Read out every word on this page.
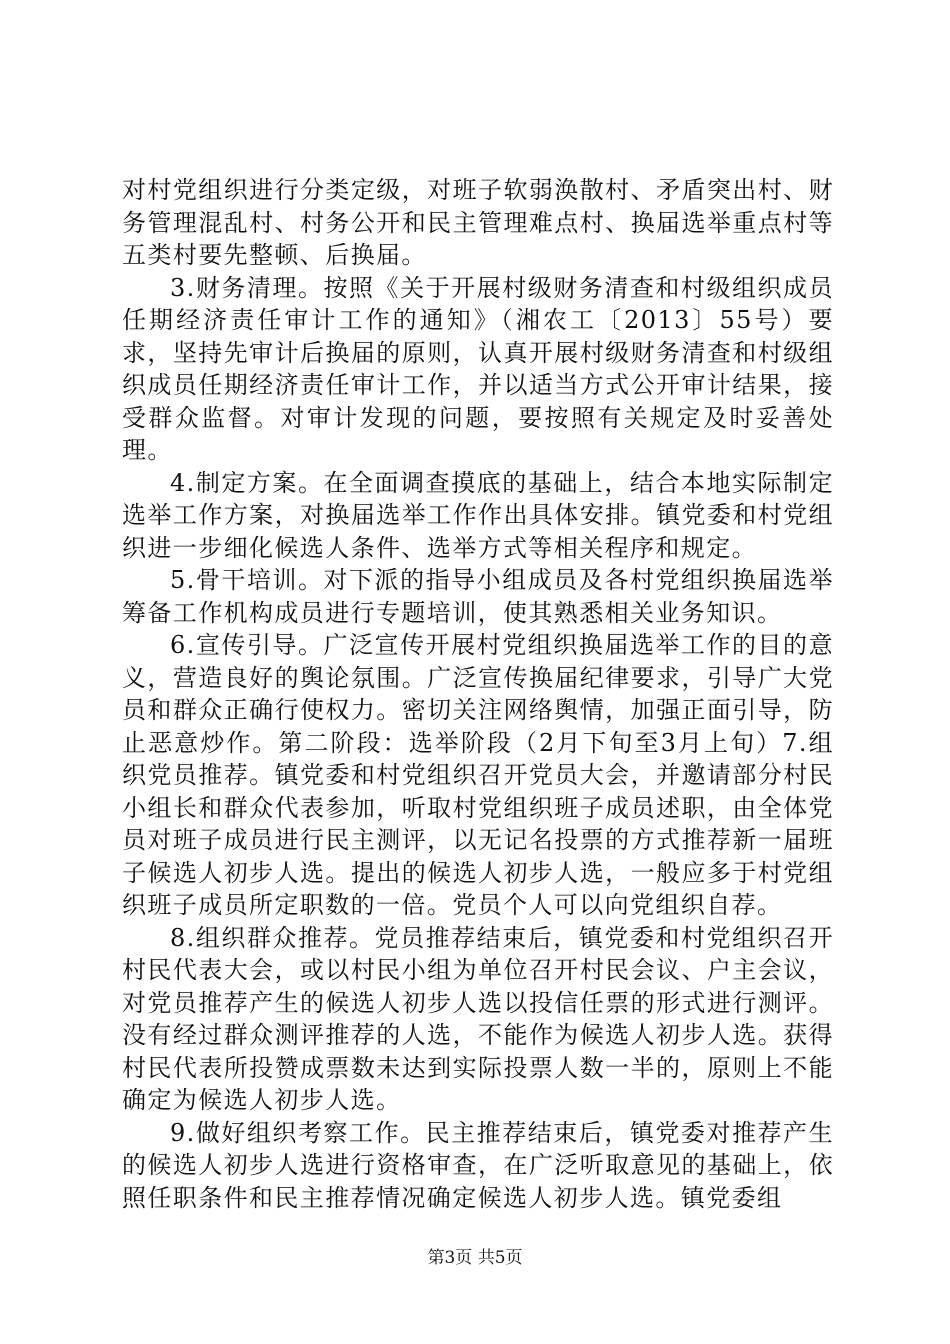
对村党组织进行分类定级，对班子软弱涣散村、矛盾突出村、财务管理混乱村、村务公开和民主管理难点村、换届选举重点村等五类村要先整顿、后换届。

3.财务清理。按照《关于开展村级财务清查和村级组织成员任期经济责任审计工作的通知》（湘农工〔2013〕55号）要求，坚持先审计后换届的原则，认真开展村级财务清查和村级组织成员任期经济责任审计工作，并以适当方式公开审计结果，接受群众监督。对审计发现的问题，要按照有关规定及时妥善处理。

4.制定方案。在全面调查摸底的基础上，结合本地实际制定选举工作方案，对换届选举工作作出具体安排。镇党委和村党组织进一步细化候选人条件、选举方式等相关程序和规定。

5.骨干培训。对下派的指导小组成员及各村党组织换届选举筹备工作机构成员进行专题培训，使其熟悉相关业务知识。

6.宣传引导。广泛宣传开展村党组织换届选举工作的目的意义，营造良好的舆论氛围。广泛宣传换届纪律要求，引导广大党员和群众正确行使权力。密切关注网络舆情，加强正面引导，防止恶意炒作。第二阶段：选举阶段（2月下旬至3月上旬）7.组织党员推荐。镇党委和村党组织召开党员大会，并邀请部分村民小组长和群众代表参加，听取村党组织班子成员述职，由全体党员对班子成员进行民主测评，以无记名投票的方式推荐新一届班子候选人初步人选。提出的候选人初步人选，一般应多于村党组织班子成员所定职数的一倍。党员个人可以向党组织自荐。

8.组织群众推荐。党员推荐结束后，镇党委和村党组织召开村民代表大会，或以村民小组为单位召开村民会议、户主会议，对党员推荐产生的候选人初步人选以投信任票的形式进行测评。没有经过群众测评推荐的人选，不能作为候选人初步人选。获得村民代表所投赞成票数未达到实际投票人数一半的，原则上不能确定为候选人初步人选。

9.做好组织考察工作。民主推荐结束后，镇党委对推荐产生的候选人初步人选进行资格审查，在广泛听取意见的基础上，依照任职条件和民主推荐情况确定候选人初步人选。镇党委组

第3页 共5页
